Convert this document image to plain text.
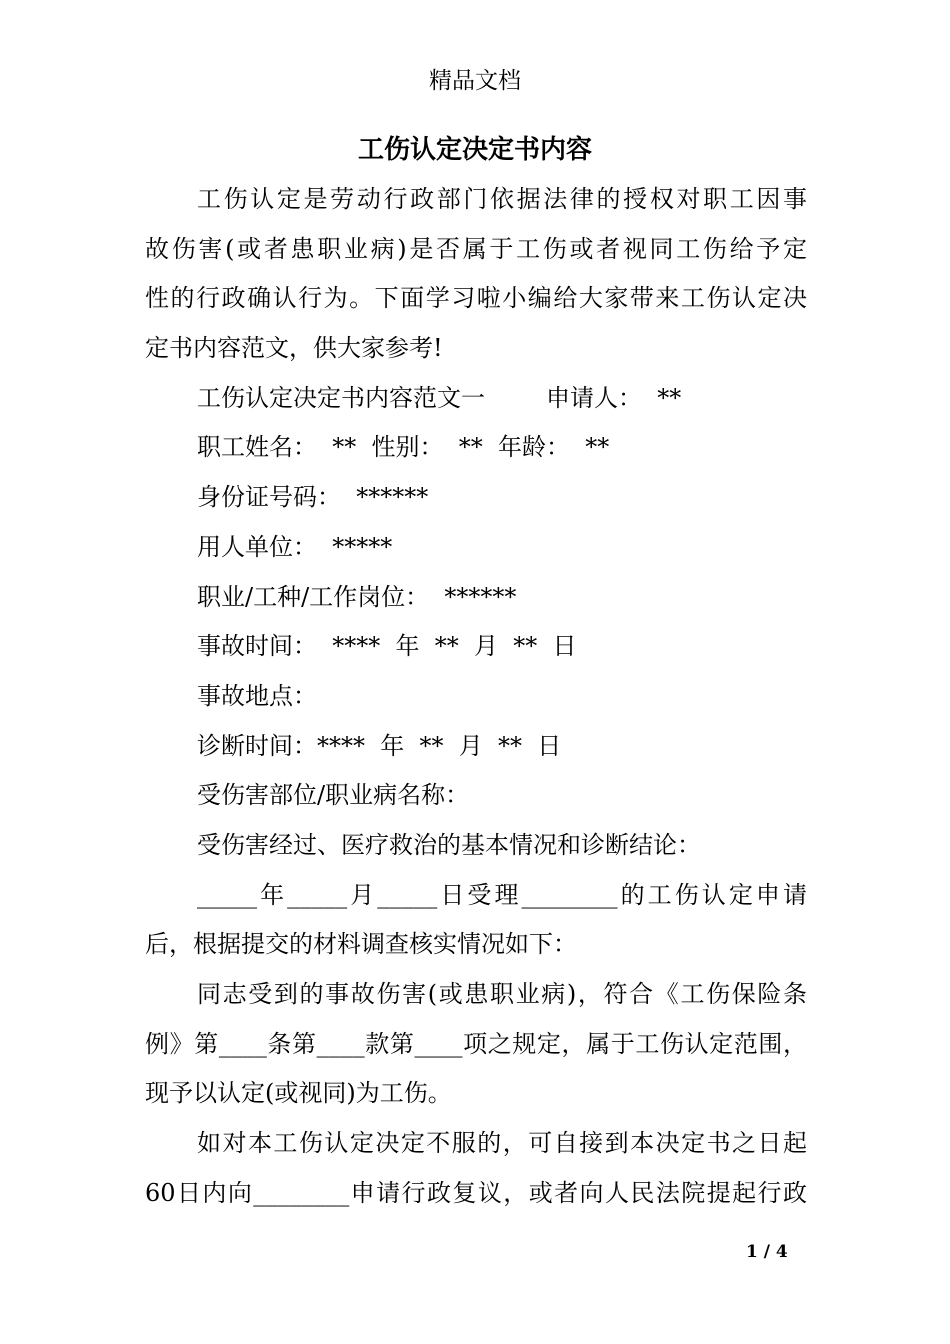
精品文档
工伤认定决定书内容
工伤认定是劳动行政部门依据法律的授权对职工因事
故伤害(或者患职业病)是否属于工伤或者视同工伤给予定
性的行政确认行为。下面学习啦小编给大家带来工伤认定决
定书内容范文，供大家参考!
工伤认定决定书内容范文一        申请人：  **
职工姓名：  **  性别：  **  年龄：  **
身份证号码：  ******
用人单位：  *****
职业/工种/工作岗位：  ******
事故时间：  ****  年  **  月  **  日
事故地点：
诊断时间：****  年  **  月  **  日
受伤害部位/职业病名称：
受伤害经过、医疗救治的基本情况和诊断结论：
_____年_____月_____日受理________的工伤认定申请
后，根据提交的材料调查核实情况如下：
同志受到的事故伤害(或患职业病)，符合《工伤保险条
例》第____条第____款第____项之规定，属于工伤认定范围，
现予以认定(或视同)为工伤。
如对本工伤认定决定不服的，可自接到本决定书之日起
60日内向________申请行政复议，或者向人民法院提起行政
1 / 4
